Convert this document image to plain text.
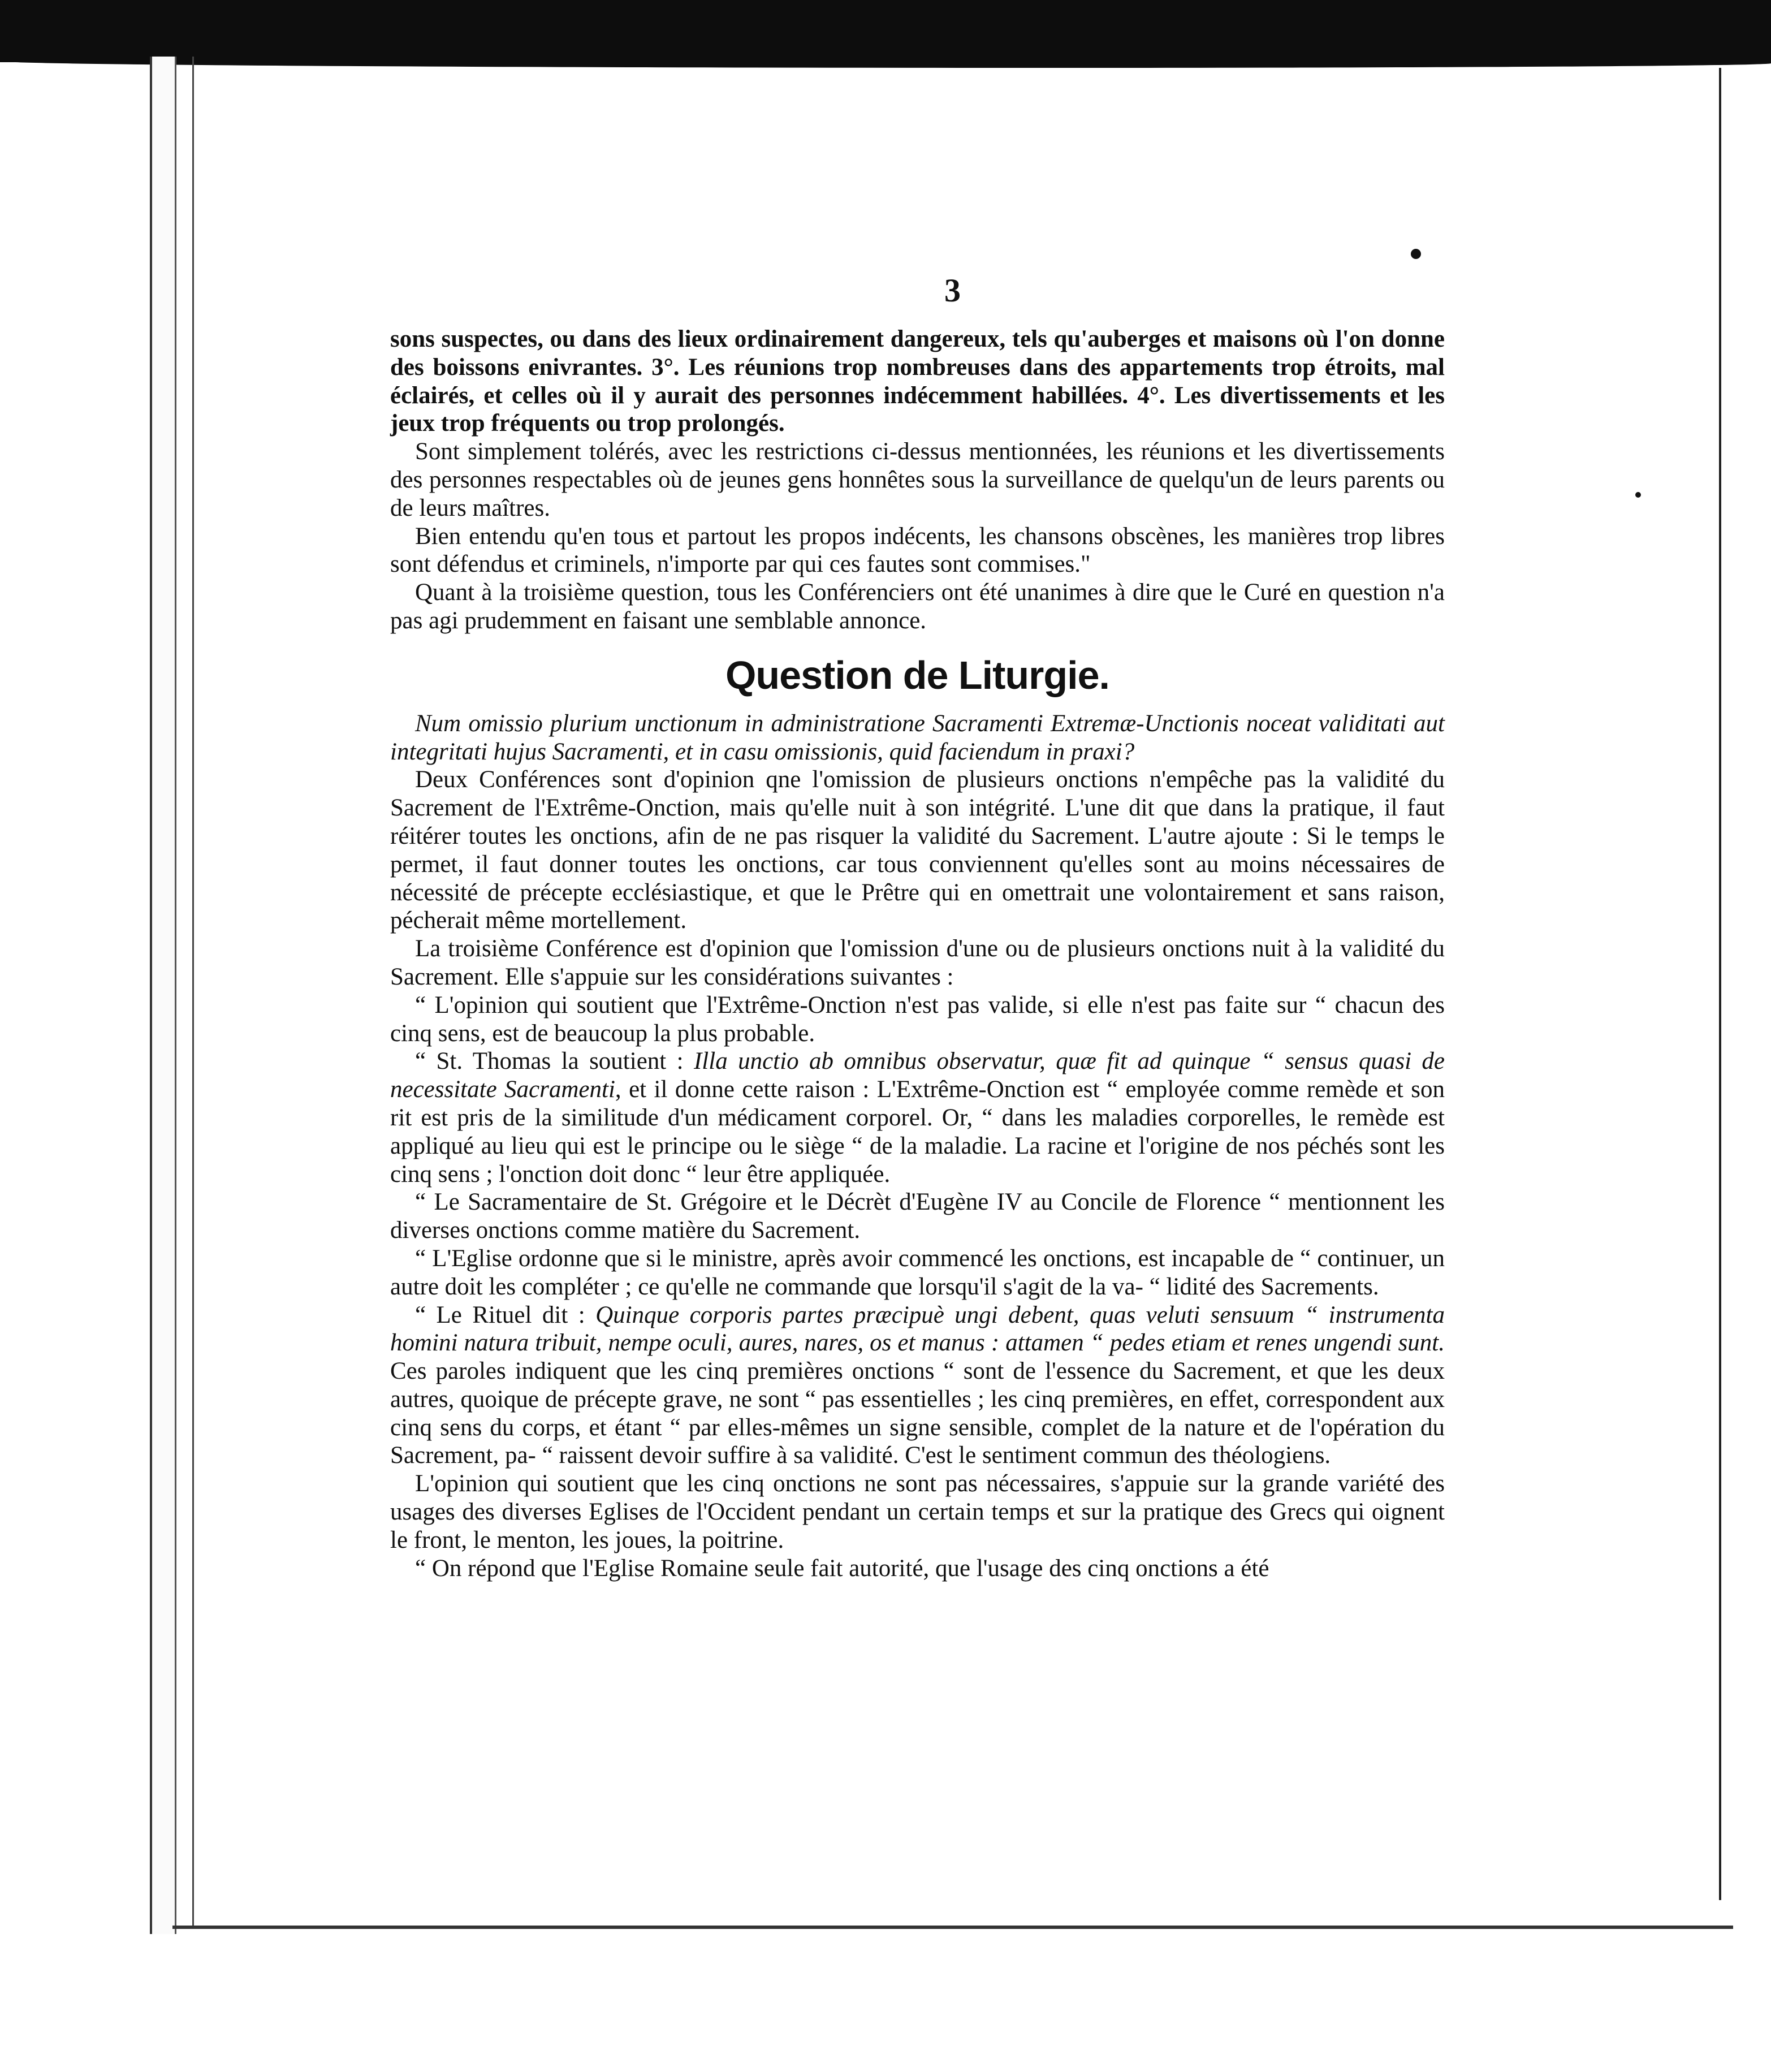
3

sons suspectes, ou dans des lieux ordinairement dangereux, tels qu'auberges et maisons où l'on donne des boissons enivrantes. 3°. Les réunions trop nombreuses dans des appartements trop étroits, mal éclairés, et celles où il y aurait des personnes indécemment habillées. 4°. Les divertissements et les jeux trop fréquents ou trop prolongés.

Sont simplement tolérés, avec les restrictions ci-dessus mentionnées, les réunions et les divertissements des personnes respectables où de jeunes gens honnêtes sous la surveillance de quelqu'un de leurs parents ou de leurs maîtres.

Bien entendu qu'en tous et partout les propos indécents, les chansons obscènes, les manières trop libres sont défendus et criminels, n'importe par qui ces fautes sont commises."

Quant à la troisième question, tous les Conférenciers ont été unanimes à dire que le Curé en question n'a pas agi prudemment en faisant une semblable annonce.

Question de Liturgie.

Num omissio plurium unctionum in administratione Sacramenti Extremæ-Unctionis noceat validitati aut integritati hujus Sacramenti, et in casu omissionis, quid faciendum in praxi?

Deux Conférences sont d'opinion qne l'omission de plusieurs onctions n'empêche pas la validité du Sacrement de l'Extrême-Onction, mais qu'elle nuit à son intégrité. L'une dit que dans la pratique, il faut réitérer toutes les onctions, afin de ne pas risquer la validité du Sacrement. L'autre ajoute : Si le temps le permet, il faut donner toutes les onctions, car tous conviennent qu'elles sont au moins nécessaires de nécessité de précepte ecclésiastique, et que le Prêtre qui en omettrait une volontairement et sans raison, pécherait même mortellement.

La troisième Conférence est d'opinion que l'omission d'une ou de plusieurs onctions nuit à la validité du Sacrement. Elle s'appuie sur les considérations suivantes :

“ L'opinion qui soutient que l'Extrême-Onction n'est pas valide, si elle n'est pas faite sur “ chacun des cinq sens, est de beaucoup la plus probable.

“ St. Thomas la soutient : Illa unctio ab omnibus observatur, quæ fit ad quinque “ sensus quasi de necessitate Sacramenti, et il donne cette raison : L'Extrême-Onction est “ employée comme remède et son rit est pris de la similitude d'un médicament corporel. Or, “ dans les maladies corporelles, le remède est appliqué au lieu qui est le principe ou le siège “ de la maladie. La racine et l'origine de nos péchés sont les cinq sens ; l'onction doit donc “ leur être appliquée.

“ Le Sacramentaire de St. Grégoire et le Décrèt d'Eugène IV au Concile de Florence “ mentionnent les diverses onctions comme matière du Sacrement.

“ L'Eglise ordonne que si le ministre, après avoir commencé les onctions, est incapable de “ continuer, un autre doit les compléter ; ce qu'elle ne commande que lorsqu'il s'agit de la va- “ lidité des Sacrements.

“ Le Rituel dit : Quinque corporis partes præcipuè ungi debent, quas veluti sensuum “ instrumenta homini natura tribuit, nempe oculi, aures, nares, os et manus : attamen “ pedes etiam et renes ungendi sunt. Ces paroles indiquent que les cinq premières onctions “ sont de l'essence du Sacrement, et que les deux autres, quoique de précepte grave, ne sont “ pas essentielles ; les cinq premières, en effet, correspondent aux cinq sens du corps, et étant “ par elles-mêmes un signe sensible, complet de la nature et de l'opération du Sacrement, pa- “ raissent devoir suffire à sa validité. C'est le sentiment commun des théologiens.

L'opinion qui soutient que les cinq onctions ne sont pas nécessaires, s'appuie sur la grande variété des usages des diverses Eglises de l'Occident pendant un certain temps et sur la pratique des Grecs qui oignent le front, le menton, les joues, la poitrine.

“ On répond que l'Eglise Romaine seule fait autorité, que l'usage des cinq onctions a été
